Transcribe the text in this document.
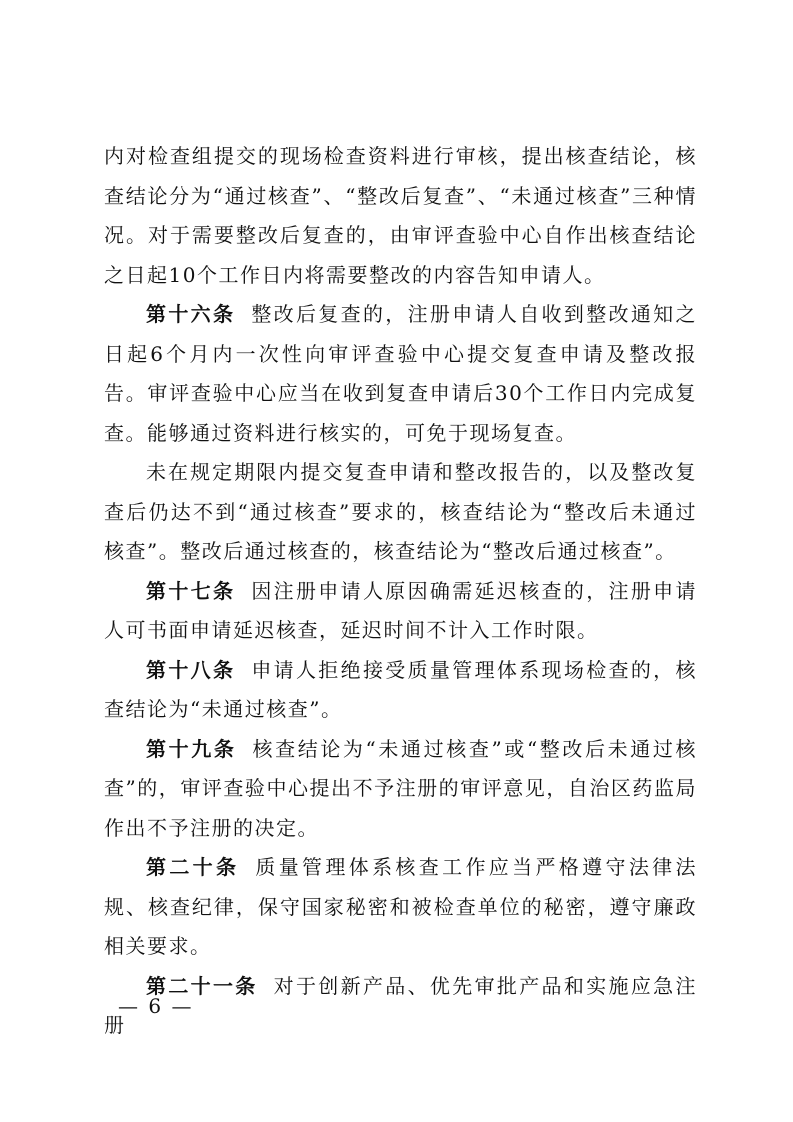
内对检查组提交的现场检查资料进行审核，提出核查结论，核查结论分为“通过核查”、“整改后复查”、“未通过核查”三种情况。对于需要整改后复查的，由审评查验中心自作出核查结论之日起10个工作日内将需要整改的内容告知申请人。

第十六条 整改后复查的，注册申请人自收到整改通知之日起6个月内一次性向审评查验中心提交复查申请及整改报告。审评查验中心应当在收到复查申请后30个工作日内完成复查。能够通过资料进行核实的，可免于现场复查。

未在规定期限内提交复查申请和整改报告的，以及整改复查后仍达不到“通过核查”要求的，核查结论为“整改后未通过核查”。整改后通过核查的，核查结论为“整改后通过核查”。

第十七条 因注册申请人原因确需延迟核查的，注册申请人可书面申请延迟核查，延迟时间不计入工作时限。

第十八条 申请人拒绝接受质量管理体系现场检查的，核查结论为“未通过核查”。

第十九条 核查结论为“未通过核查”或“整改后未通过核查”的，审评查验中心提出不予注册的审评意见，自治区药监局作出不予注册的决定。

第二十条 质量管理体系核查工作应当严格遵守法律法规、核查纪律，保守国家秘密和被检查单位的秘密，遵守廉政相关要求。

第二十一条 对于创新产品、优先审批产品和实施应急注册

— 6 —
